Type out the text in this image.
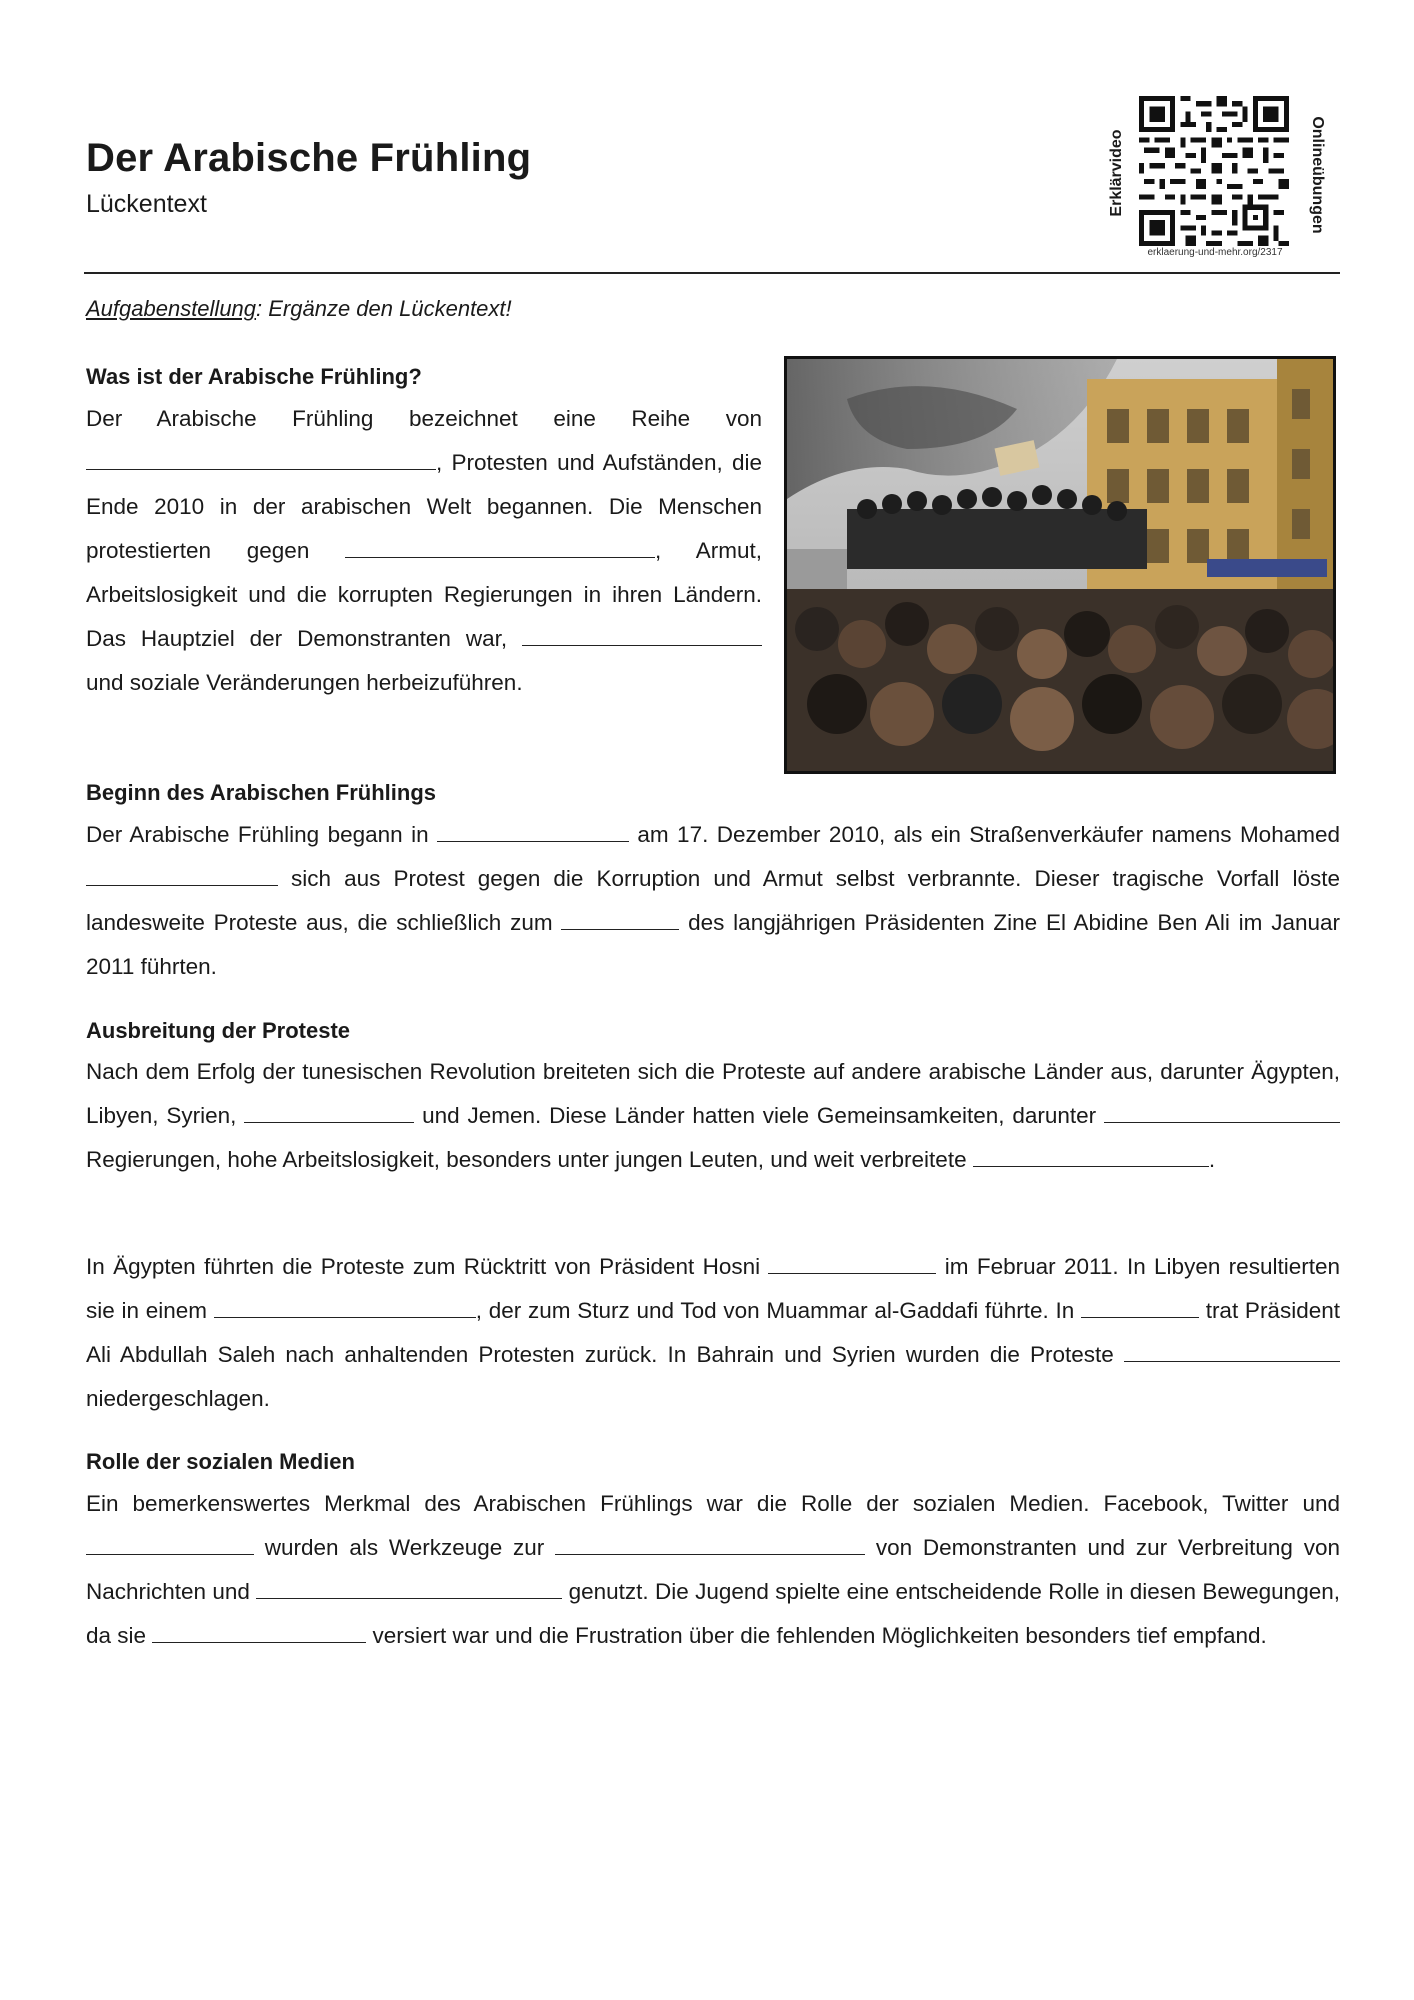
Der Arabische Frühling
Lückentext	Erklärvideo	Onlineübungen
erklaerung-und-mehr.org/2317
Aufgabenstellung: Ergänze den Lückentext!
Was ist der Arabische Frühling?
Der Arabische Frühling bezeichnet eine Reihe von , Protesten und Aufständen, die Ende 2010 in der arabischen Welt begannen. Die Menschen protestierten gegen	, Armut, Arbeitslosigkeit und die korrupten Regierungen in ihren Ländern. Das Hauptziel der Demonstranten war,  und soziale Veränderungen herbeizuführen.
Beginn des Arabischen Frühlings
Der Arabische Frühling begann in	am 17. Dezember 2010, als ein Straßenverkäufer namens Mohamed  sich aus Protest gegen die Korruption und Armut selbst verbrannte. Dieser tragische Vorfall löste landesweite Proteste aus, die schließlich zum	des langjährigen Präsidenten Zine El Abidine Ben Ali im Januar 2011 führten.
Ausbreitung der Proteste
Nach dem Erfolg der tunesischen Revolution breiteten sich die Proteste auf andere arabische Länder aus, darunter Ägypten, Libyen, Syrien,	und Jemen. Diese Länder hatten viele Gemeinsamkeiten, darunter  Regierungen, hohe Arbeitslosigkeit, besonders unter jungen Leuten, und weit verbreitete	.
In Ägypten führten die Proteste zum Rücktritt von Präsident Hosni	im Februar 2011. In Libyen resultierten sie in einem	, der zum Sturz und Tod von Muammar al-Gaddafi führte. In	trat Präsident Ali Abdullah Saleh nach anhaltenden Protesten zurück. In Bahrain und Syrien wurden die Proteste  niedergeschlagen.
Rolle der sozialen Medien
Ein bemerkenswertes Merkmal des Arabischen Frühlings war die Rolle der sozialen Medien. Facebook, Twitter und  wurden als Werkzeuge zur	von Demonstranten und zur Verbreitung von Nachrichten und	genutzt. Die Jugend spielte eine entscheidende Rolle in diesen Bewegungen, da sie	versiert war und die Frustration über die fehlenden Möglichkeiten besonders tief empfand.
